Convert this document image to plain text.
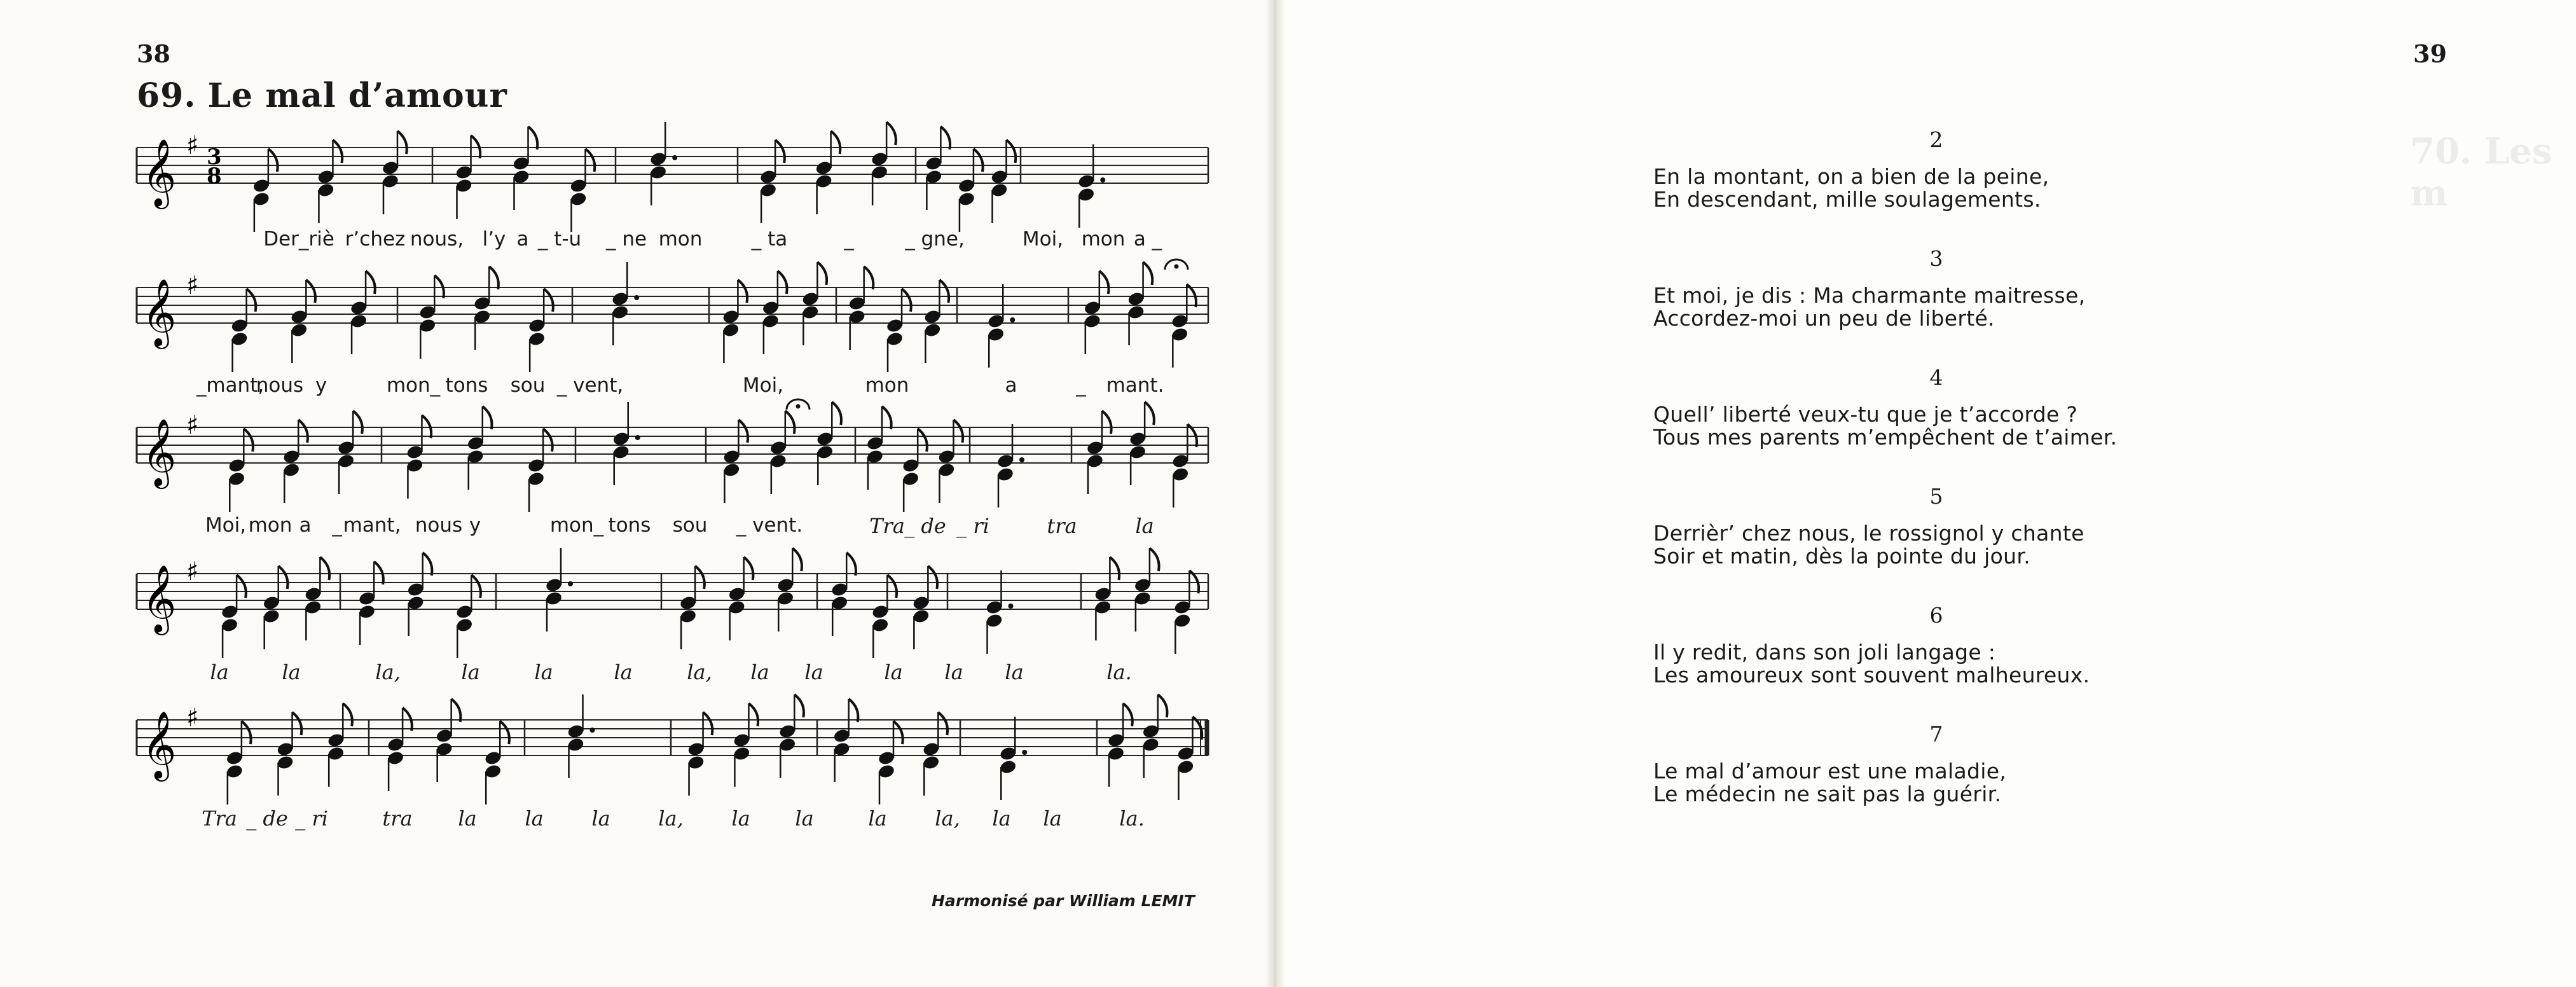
38
69. Le mal d’amour
𝄞 ♯ 3
8
𝄞 ♯
𝄞 ♯
𝄞 ♯
𝄞 ♯
Der_riè r’chez nous, l’y a _ t-u _ ne mon _ ta	_	_ gne,	Moi, mon a _
_mant,
nous y	mon_ tons sou _ vent,	Moi,	mon	a	_ mant.
Moi, mon a _ mant, nous y	mon_ tons sou _ vent.	Tra _ de _ ri	tra	la
la	la	la,	la	la	la	la, la la	la la la	la.
Tra _ de _ ri	tra la la la la, la la	la la, la la	la.
Harmonisé par William LEMIT
70. Les m
39
2
En la montant, on a bien de la peine,
En descendant, mille soulagements.
3
Et moi, je dis : Ma charmante maitresse,
Accordez-moi un peu de liberté.
4
Quell’ liberté veux-tu que je t’accorde ?
Tous mes parents m’empêchent de t’aimer.
5
Derrièr’ chez nous, le rossignol y chante
Soir et matin, dès la pointe du jour.
6
Il y redit, dans son joli langage :
Les amoureux sont souvent malheureux.
7
Le mal d’amour est une maladie,
Le médecin ne sait pas la guérir.
